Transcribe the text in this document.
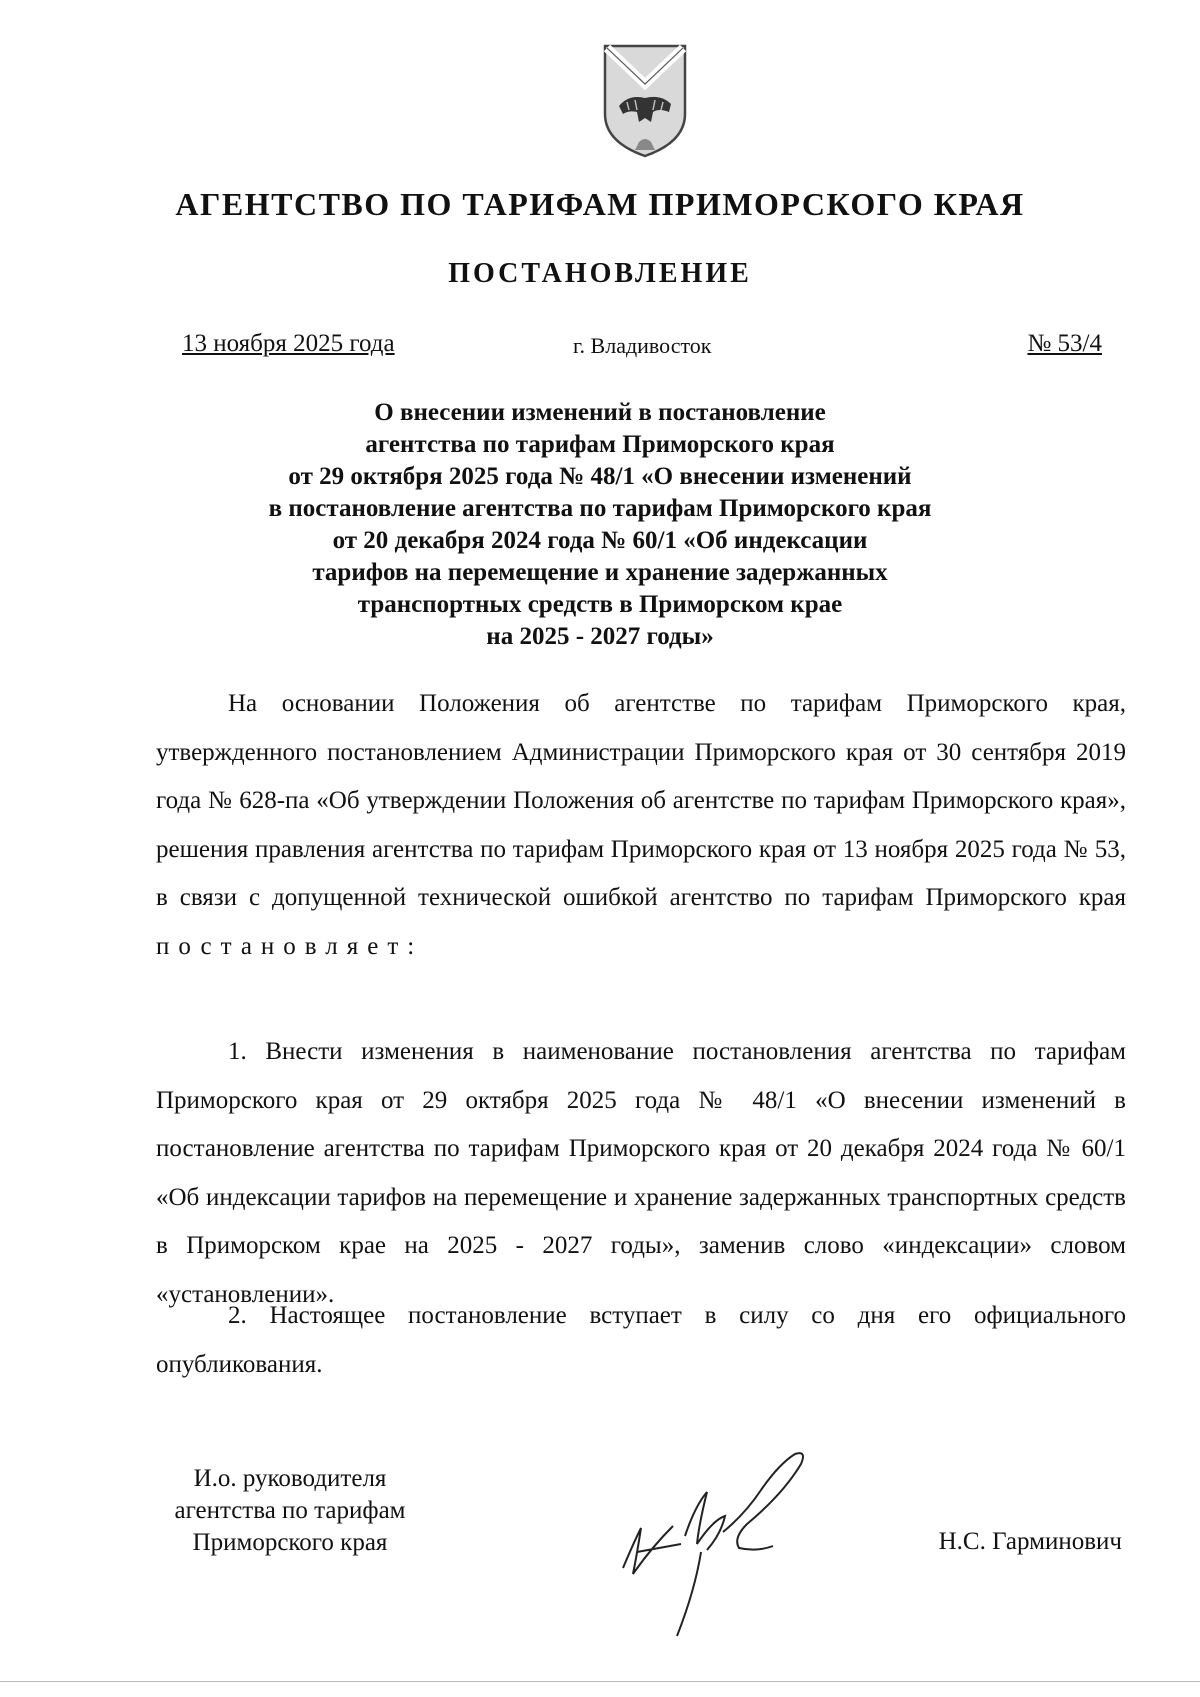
АГЕНТСТВО ПО ТАРИФАМ ПРИМОРСКОГО КРАЯ
ПОСТАНОВЛЕНИЕ
13 ноября 2025 года	г. Владивосток	№ 53/4
О внесении изменений в постановление
агентства по тарифам Приморского края
от 29 октября 2025 года № 48/1 «О внесении изменений
в постановление агентства по тарифам Приморского края
от 20 декабря 2024 года № 60/1 «Об индексации
тарифов на перемещение и хранение задержанных
транспортных средств в Приморском крае
на 2025 - 2027 годы»

На основании Положения об агентстве по тарифам Приморского края, утвержденного постановлением Администрации Приморского края от 30 сентября 2019 года № 628-па «Об утверждении Положения об агентстве по тарифам Приморского края», решения правления агентства по тарифам Приморского края от 13 ноября 2025 года № 53, в связи с допущенной технической ошибкой агентство по тарифам Приморского края постановляет:

1. Внести изменения в наименование постановления агентства по тарифам Приморского края от 29 октября 2025 года № 48/1 «О внесении изменений в постановление агентства по тарифам Приморского края от 20 декабря 2024 года № 60/1 «Об индексации тарифов на перемещение и хранение задержанных транспортных средств в Приморском крае на 2025 - 2027 годы», заменив слово «индексации» словом «установлении».

2. Настоящее постановление вступает в силу со дня его официального опубликования.

И.о. руководителя
агентства по тарифам
Приморского края	Н.С. Гарминович
